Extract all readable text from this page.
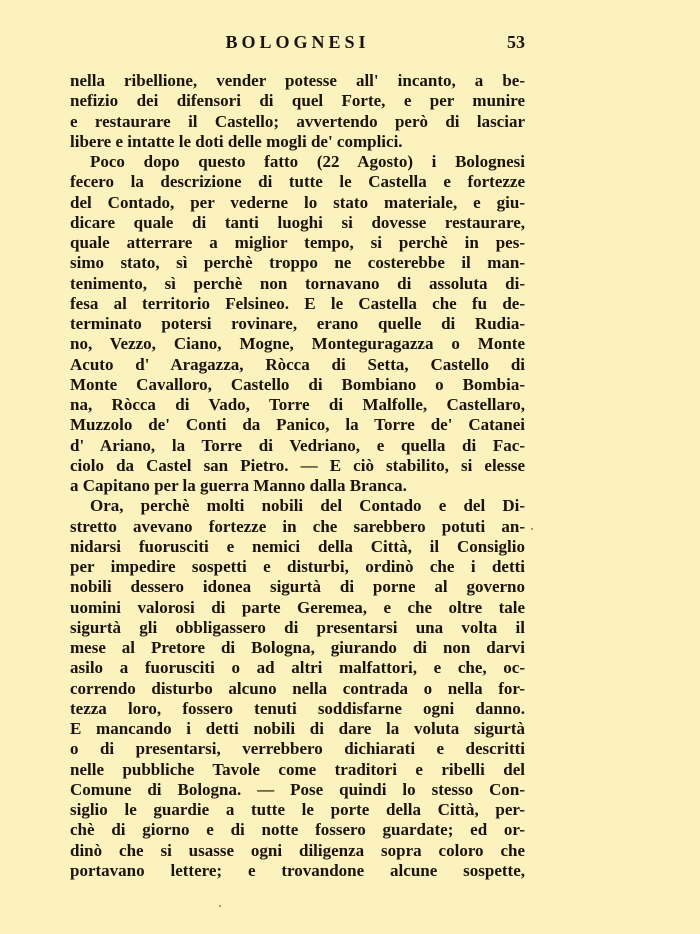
BOLOGNESI	53
nella ribellione, vender potesse all' incanto, a be-
nefizio dei difensori di quel Forte, e per munire
e restaurare il Castello; avvertendo però di lasciar
libere e intatte le doti delle mogli de' complici.
Poco dopo questo fatto (22 Agosto) i Bolognesi
fecero la descrizione di tutte le Castella e fortezze
del Contado, per vederne lo stato materiale, e giu-
dicare quale di tanti luoghi si dovesse restaurare,
quale atterrare a miglior tempo, si perchè in pes-
simo stato, sì perchè troppo ne costerebbe il man-
tenimento, sì perchè non tornavano di assoluta di-
fesa al territorio Felsineo. E le Castella che fu de-
terminato potersi rovinare, erano quelle di Rudia-
no, Vezzo, Ciano, Mogne, Monteguragazza o Monte
Acuto d' Aragazza, Ròcca di Setta, Castello di
Monte Cavalloro, Castello di Bombiano o Bombia-
na, Ròcca di Vado, Torre di Malfolle, Castellaro,
Muzzolo de' Conti da Panico, la Torre de' Catanei
d' Ariano, la Torre di Vedriano, e quella di Fac-
ciolo da Castel san Pietro. — E ciò stabilito, si elesse
a Capitano per la guerra Manno dalla Branca.
Ora, perchè molti nobili del Contado e del Di-
stretto avevano fortezze in che sarebbero potuti an-
nidarsi fuorusciti e nemici della Città, il Consiglio
per impedire sospetti e disturbi, ordinò che i detti
nobili dessero idonea sigurtà di porne al governo
uomini valorosi di parte Geremea, e che oltre tale
sigurtà gli obbligassero di presentarsi una volta il
mese al Pretore di Bologna, giurando di non darvi
asilo a fuorusciti o ad altri malfattori, e che, oc-
correndo disturbo alcuno nella contrada o nella for-
tezza loro, fossero tenuti soddisfarne ogni danno.
E mancando i detti nobili di dare la voluta sigurtà
o di presentarsi, verrebbero dichiarati e descritti
nelle pubbliche Tavole come traditori e ribelli del
Comune di Bologna. — Pose quindi lo stesso Con-
siglio le guardie a tutte le porte della Città, per-
chè di giorno e di notte fossero guardate; ed or-
dinò che si usasse ogni diligenza sopra coloro che
portavano lettere; e trovandone alcune sospette,
